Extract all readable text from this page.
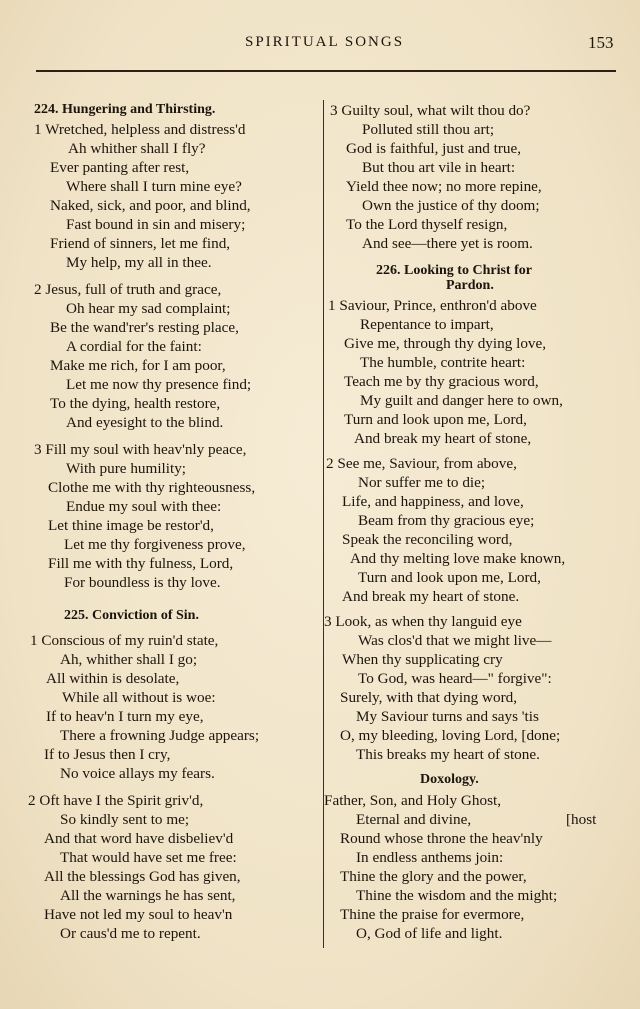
SPIRITUAL SONGS	153
224. Hungering and Thirsting.
1 Wretched, helpless and distress'd
Ah whither shall I fly?
Ever panting after rest,
Where shall I turn mine eye?
Naked, sick, and poor, and blind,
Fast bound in sin and misery;
Friend of sinners, let me find,
My help, my all in thee.
2 Jesus, full of truth and grace,
Oh hear my sad complaint;
Be the wand'rer's resting place,
A cordial for the faint:
Make me rich, for I am poor,
Let me now thy presence find;
To the dying, health restore,
And eyesight to the blind.
3 Fill my soul with heav'nly peace,
With pure humility;
Clothe me with thy righteousness,
Endue my soul with thee:
Let thine image be restor'd,
Let me thy forgiveness prove,
Fill me with thy fulness, Lord,
For boundless is thy love.
225. Conviction of Sin.
1 Conscious of my ruin'd state,
Ah, whither shall I go;
All within is desolate,
While all without is woe:
If to heav'n I turn my eye,
There a frowning Judge appears;
If to Jesus then I cry,
No voice allays my fears.
2 Oft have I the Spirit griv'd,
So kindly sent to me;
And that word have disbeliev'd
That would have set me free:
All the blessings God has given,
All the warnings he has sent,
Have not led my soul to heav'n
Or caus'd me to repent.
3 Guilty soul, what wilt thou do?
Polluted still thou art;
God is faithful, just and true,
But thou art vile in heart:
Yield thee now; no more repine,
Own the justice of thy doom;
To the Lord thyself resign,
And see—there yet is room.
226. Looking to Christ for
Pardon.
1 Saviour, Prince, enthron'd above
Repentance to impart,
Give me, through thy dying love,
The humble, contrite heart:
Teach me by thy gracious word,
My guilt and danger here to own,
Turn and look upon me, Lord,
And break my heart of stone,
2 See me, Saviour, from above,
Nor suffer me to die;
Life, and happiness, and love,
Beam from thy gracious eye;
Speak the reconciling word,
And thy melting love make known,
Turn and look upon me, Lord,
And break my heart of stone.
3 Look, as when thy languid eye
Was clos'd that we might live—
When thy supplicating cry
To God, was heard—" forgive":
Surely, with that dying word,
My Saviour turns and says 'tis
O, my bleeding, loving Lord, [done;
This breaks my heart of stone.
Doxology.
Father, Son, and Holy Ghost,
Eternal and divine,	[host
Round whose throne the heav'nly
In endless anthems join:
Thine the glory and the power,
Thine the wisdom and the might;
Thine the praise for evermore,
O, God of life and light.
